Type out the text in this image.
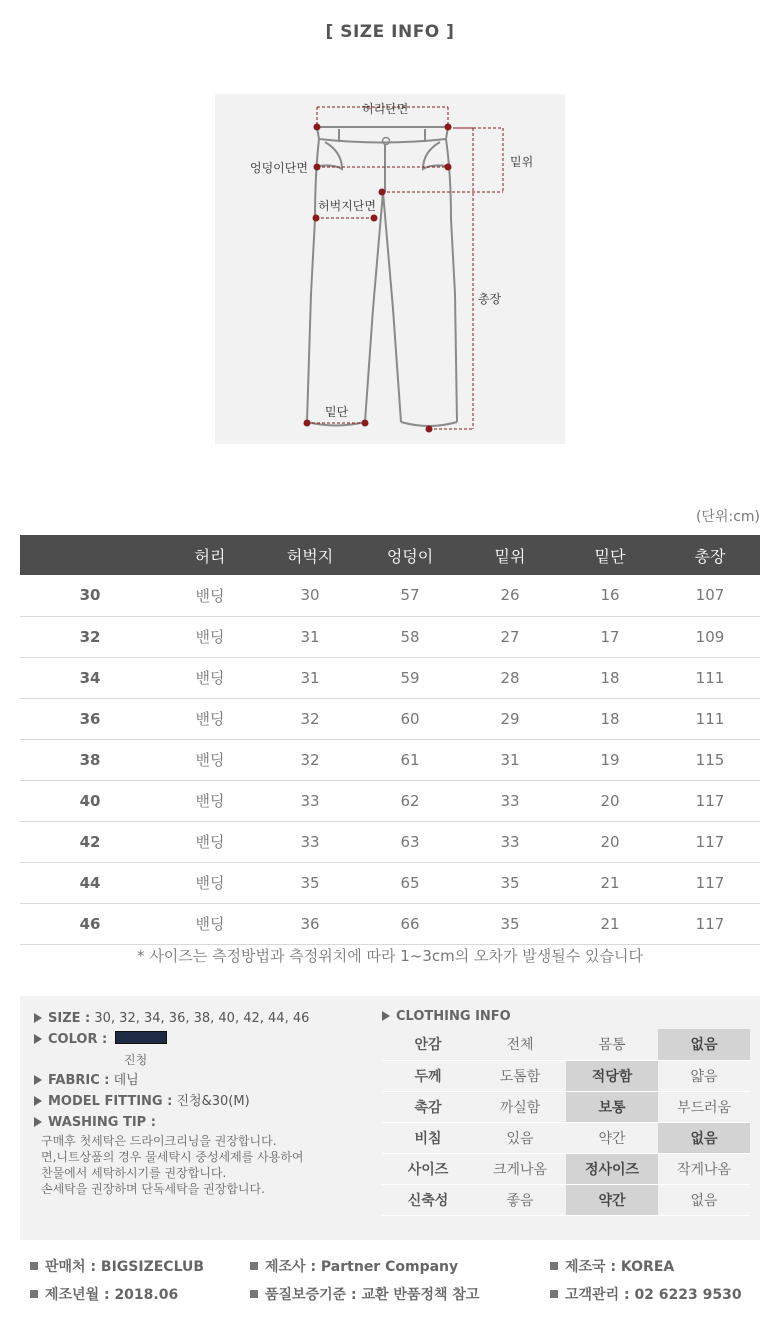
[ SIZE INFO ]
허리단면
엉덩이단면
허벅지단면
밑위
총장
밑단
(단위:cm)
	허리	허벅지	엉덩이	밑위	밑단	총장
30	밴딩	30	57	26	16	107
32	밴딩	31	58	27	17	109
34	밴딩	31	59	28	18	111
36	밴딩	32	60	29	18	111
38	밴딩	32	61	31	19	115
40	밴딩	33	62	33	20	117
42	밴딩	33	63	33	20	117
44	밴딩	35	65	35	21	117
46	밴딩	36	66	35	21	117
* 사이즈는 측정방법과 측정위치에 따라 1~3cm의 오차가 발생될수 있습니다
SIZE : 30, 32, 34, 36, 38, 40, 42, 44, 46
COLOR :
진청
FABRIC : 데님
MODEL FITTING : 진청&30(M)
WASHING TIP :
구매후 첫세탁은 드라이크리닝을 권장합니다.
면,니트상품의 경우 물세탁시 중성세제를 사용하여
찬물에서 세탁하시기를 권장합니다.
손세탁을 권장하며 단독세탁을 권장합니다.
CLOTHING INFO
안감	전체	몸통	없음
두께	도톰함	적당함	얇음
촉감	까실함	보통	부드러움
비침	있음	약간	없음
사이즈	크게나옴	정사이즈	작게나옴
신축성	좋음	약간	없음
판매처 : BIGSIZECLUB	제조사 : Partner Company	제조국 : KOREA
제조년월 : 2018.06	품질보증기준 : 교환 반품정책 참고	고객관리 : 02 6223 9530
